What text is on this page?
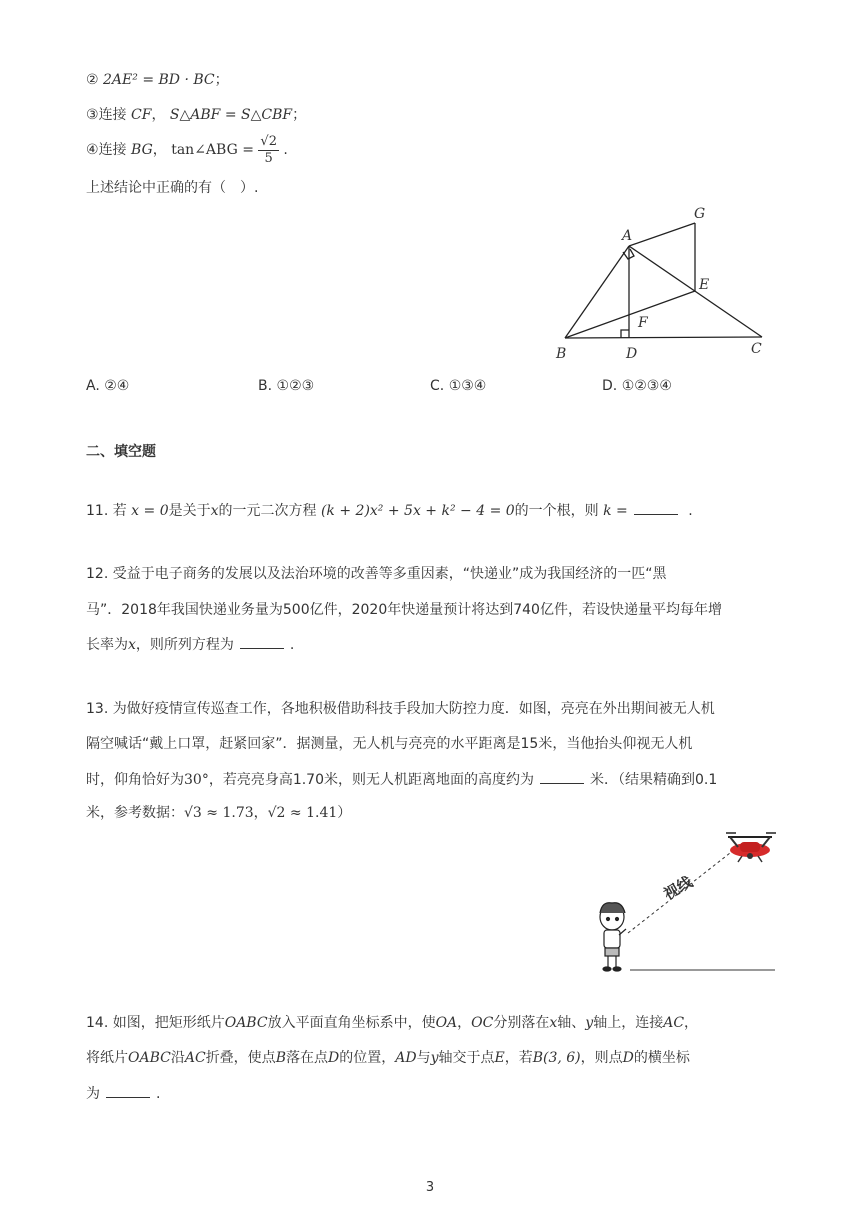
② 2AE² = BD · BC；
③连接 CF， S△ABF = S△CBF；
④连接 BG， tan∠ABG = $\frac{√2}{5}$ .
上述结论中正确的有（　）.
A
G
E
F
B	D	C
A. ②④	B. ①②③	C. ①③④	D. ①②③④
二、填空题
11. 若 x = 0是关于x的一元二次方程 (k + 2)x² + 5x + k² − 4 = 0的一个根，则 k =	.
12. 受益于电子商务的发展以及法治环境的改善等多重因素，“快递业”成为我国经济的一匹“黑
马”．2018年我国快递业务量为500亿件，2020年快递量预计将达到740亿件，若设快递量平均每年增
长率为x，则所列方程为	.
13. 为做好疫情宣传巡查工作，各地积极借助科技手段加大防控力度．如图，亮亮在外出期间被无人机
隔空喊话“戴上口罩，赶紧回家”．据测量，无人机与亮亮的水平距离是15米，当他抬头仰视无人机
时，仰角恰好为30°，若亮亮身高1.70米，则无人机距离地面的高度约为	米．（结果精确到0.1
米，参考数据：√3 ≈ 1.73，√2 ≈ 1.41）
视线
14. 如图，把矩形纸片OABC放入平面直角坐标系中，使OA，OC分别落在x轴、y轴上，连接AC，
将纸片OABC沿AC折叠，使点B落在点D的位置，AD与y轴交于点E，若B(3, 6)，则点D的横坐标
为	.
3
